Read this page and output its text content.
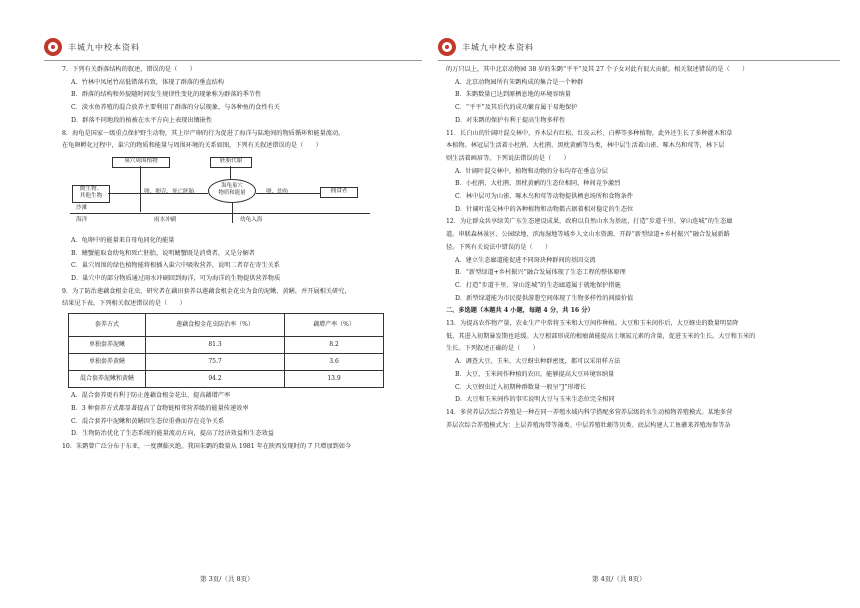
丰城九中校本资料

7．下列有关群落结构的叙述，错误的是（　　）

A．竹林中凤尾竹高低错落有致，体现了群落的垂直结构

B．群落的结构和外貌随时间发生规律性变化的现象称为群落的季节性

C．淡水鱼养殖的混合放养主要利用了群落的分层现象，与各种鱼的食性有关

D．群落不同地段的植被在水平方向上表现出镶嵌性

8．海龟是国家一级重点保护野生动物，其上岸产卵的行为促进了海洋与陆地间的物质循环和能量流动。

在龟卵孵化过程中，巢穴的物质和能量与周围环境的关系如图，下列有关叙述错误的是（　　）

巢穴周围植物	胚胎代谢
微生物、
其他生物
卵、卵壳、死亡胚胎
海龟巢穴
物质和能量	卵、幼龟	捕食者
沙滩
海洋	雨水冲刷	幼龟入海

A．龟卵中的能量来自母龟同化的能量

B．鳍蟹能取食幼龟和死亡胚胎，说明鳍蟹既是消费者，又是分解者

C．巢穴周围的绿色植物能将根插入巢穴中吸收营养，说明二者存在寄生关系

D．巢穴中的部分物质通过雨水冲刷回到海洋，可为海洋的生物提供营养物质

9．为了防治莲藕食根金花虫，研究者在藕田套养以莲藕食根金花虫为食的泥鳅、黄鳝，并开展相关研究，

结果见下表。下列相关叙述错误的是（　　）

套养方式	莲藕食根金花虫防治率（%）	藕增产率（%）
单独套养泥鳅	81.3	8.2
单独套养黄鳝	75.7	3.6
混合套养泥鳅和黄鳝	94.2	13.9

A．混合套养更有利于防止莲藕食根金花虫、提高藕增产率

B．3 种套养方式都显著提高了食物链相邻营养级的能量传递效率

C．混合套养中泥鳅和黄鳝因生态位重叠而存在竞争关系

D．生物防治优化了生态系统的能量流动方向，提高了经济效益和生态效益

10．朱鹮曾广泛分布于东亚，一度濒临灭绝。我国朱鹮的数量从 1981 年在陕西发现时的 7 只增加到如今

第 3页/（共 8页）
丰城九中校本资料

的万只以上，其中北京动物园 38 岁的朱鹮“平平”及其 27 个子女对此有很大贡献。相关叙述错误的是（　　）

A．北京动物园所有朱鹮构成的集合是一个种群

B．朱鹮数量已达到原栖息地的环境容纳量

C．“平平”及其后代的成功繁育属于易地保护

D．对朱鹮的保护有利于提高生物多样性

11．长白山的针阔叶混交林中，乔木层有红松、红皮云杉、白桦等多种植物，此外还生长了多种灌木和草

本植物。林冠层生活着小杜鹃、大杜鹃、黑枕黄鹂等鸟类，林中层生活着山雀、啄木鸟和莺等，林下层

则生活着画眉等。下列说法错误的是（　　）

A．针阔叶混交林中，植物和动物的分布均存在垂直分层

B．小杜鹃、大杜鹃、黑枕黄鹂的生态位相同，种间竞争激烈

C．林中层可为山雀、啄木鸟和莺等动物提供栖息场所和食物条件

D．针阔叶混交林中的各种植物和动物都占据着相对稳定的生态位

12．为让群众共享绿美广东生态建设成果，政府以自然山水为基底，打造“步道千里、穿山连城”的生态廊

道。串联森林景区、公园绿地、滨海湿地等城乡人文山水资源，开辟“新型绿道+乡村振兴”融合发展新路

径。下列有关说法中错误的是（　　）

A．建立生态廊道能促进不同斑块种群间的基因交流

B．“新型绿道+乡村振兴”融合发展体现了生态工程的整体原理

C．打造“步道千里、穿山连城”的生态廊道属于就地保护措施

D．新型绿道能为市民提供游憩空间体现了生物多样性的间接价值

二、多选题（本题共 4 小题，每题 4 分，共 16 分）

13．为提高农作物产量，农业生产中常将玉米和大豆间作种植。大豆和玉米间作后，大豆蚜虫的数量明显降

低，其进入初期暴发期也延缓。大豆根部形成的根瘤菌能提高土壤氮元素的含量，促进玉米的生长。大豆和玉米的

生长。下列叙述正确的是（　　）

A．调查大豆、玉米、大豆蚜虫种群密度，都可以采用样方法

B．大豆、玉米间作种植的农田，能够提高大豆环境容纳量

C．大豆蚜虫迁入初期种群数量一般呈“J”形增长

D．大豆和玉米间作的事实说明大豆与玉米生态位完全相同

14．多营养层次综合养殖是一种在同一养殖水域内科学搭配多营养层级的水生动植物养殖模式。某地多营

养层次综合养殖模式为：上层养殖海带等藻类、中层养殖牡蛎等贝类、底层构建人工鱼礁来养殖海参等杂

第 4页/（共 8页）
